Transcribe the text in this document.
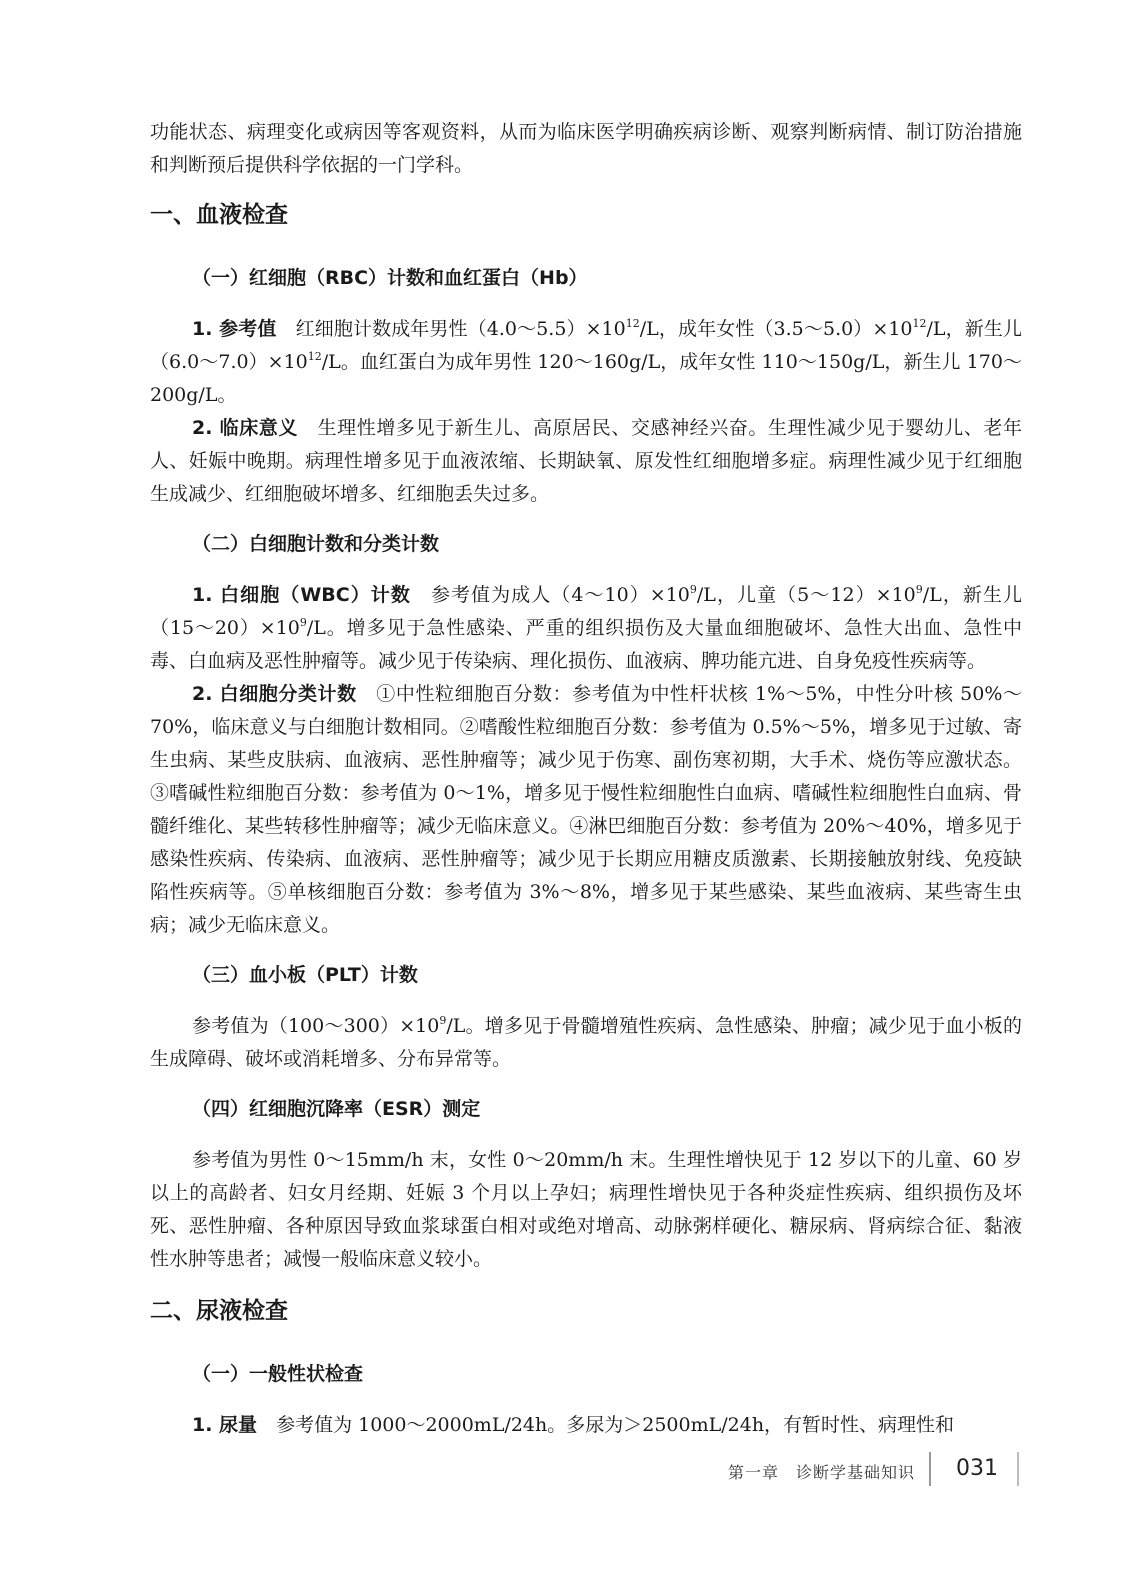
功能状态、病理变化或病因等客观资料，从而为临床医学明确疾病诊断、观察判断病情、制订防治措施和判断预后提供科学依据的一门学科。

一、血液检查
（一）红细胞（RBC）计数和血红蛋白（Hb）

1. 参考值　红细胞计数成年男性$(4.0\sim 5.5)\times 10^{12}/L$，成年女性$(3.5\sim 5.0)\times 10^{12}/L$，新生儿$(6.0\sim 7.0)\times 10^{12}/L$。血红蛋白为成年男性 120～160g/L，成年女性 110～150g/L，新生儿 170～200g/L。

2. 临床意义　生理性增多见于新生儿、高原居民、交感神经兴奋。生理性减少见于婴幼儿、老年人、妊娠中晚期。病理性增多见于血液浓缩、长期缺氧、原发性红细胞增多症。病理性减少见于红细胞生成减少、红细胞破坏增多、红细胞丢失过多。

（二）白细胞计数和分类计数

1. 白细胞（WBC）计数　参考值为成人$(4\sim 10)\times 10^9/L$，儿童$(5\sim 12)\times 10^9/L$，新生儿$(15\sim 20)\times 10^9/L$。增多见于急性感染、严重的组织损伤及大量血细胞破坏、急性大出血、急性中毒、白血病及恶性肿瘤等。减少见于传染病、理化损伤、血液病、脾功能亢进、自身免疫性疾病等。

2. 白细胞分类计数　①中性粒细胞百分数：参考值为中性杆状核 1%～5%，中性分叶核 50%～70%，临床意义与白细胞计数相同。②嗜酸性粒细胞百分数：参考值为 0.5%～5%，增多见于过敏、寄生虫病、某些皮肤病、血液病、恶性肿瘤等；减少见于伤寒、副伤寒初期，大手术、烧伤等应激状态。③嗜碱性粒细胞百分数：参考值为 0～1%，增多见于慢性粒细胞性白血病、嗜碱性粒细胞性白血病、骨髓纤维化、某些转移性肿瘤等；减少无临床意义。④淋巴细胞百分数：参考值为 20%～40%，增多见于感染性疾病、传染病、血液病、恶性肿瘤等；减少见于长期应用糖皮质激素、长期接触放射线、免疫缺陷性疾病等。⑤单核细胞百分数：参考值为 3%～8%，增多见于某些感染、某些血液病、某些寄生虫病；减少无临床意义。

（三）血小板（PLT）计数

参考值为$(100\sim 300)\times 10^9/L$。增多见于骨髓增殖性疾病、急性感染、肿瘤；减少见于血小板的生成障碍、破坏或消耗增多、分布异常等。

（四）红细胞沉降率（ESR）测定

参考值为男性 0～15mm/h 末，女性 0～20mm/h 末。生理性增快见于 12 岁以下的儿童、60 岁以上的高龄者、妇女月经期、妊娠 3 个月以上孕妇；病理性增快见于各种炎症性疾病、组织损伤及坏死、恶性肿瘤、各种原因导致血浆球蛋白相对或绝对增高、动脉粥样硬化、糖尿病、肾病综合征、黏液性水肿等患者；减慢一般临床意义较小。

二、尿液检查
（一）一般性状检查

1. 尿量　参考值为 1000～2000mL/24h。多尿为＞2500mL/24h，有暂时性、病理性和

第一章　诊断学基础知识 031
